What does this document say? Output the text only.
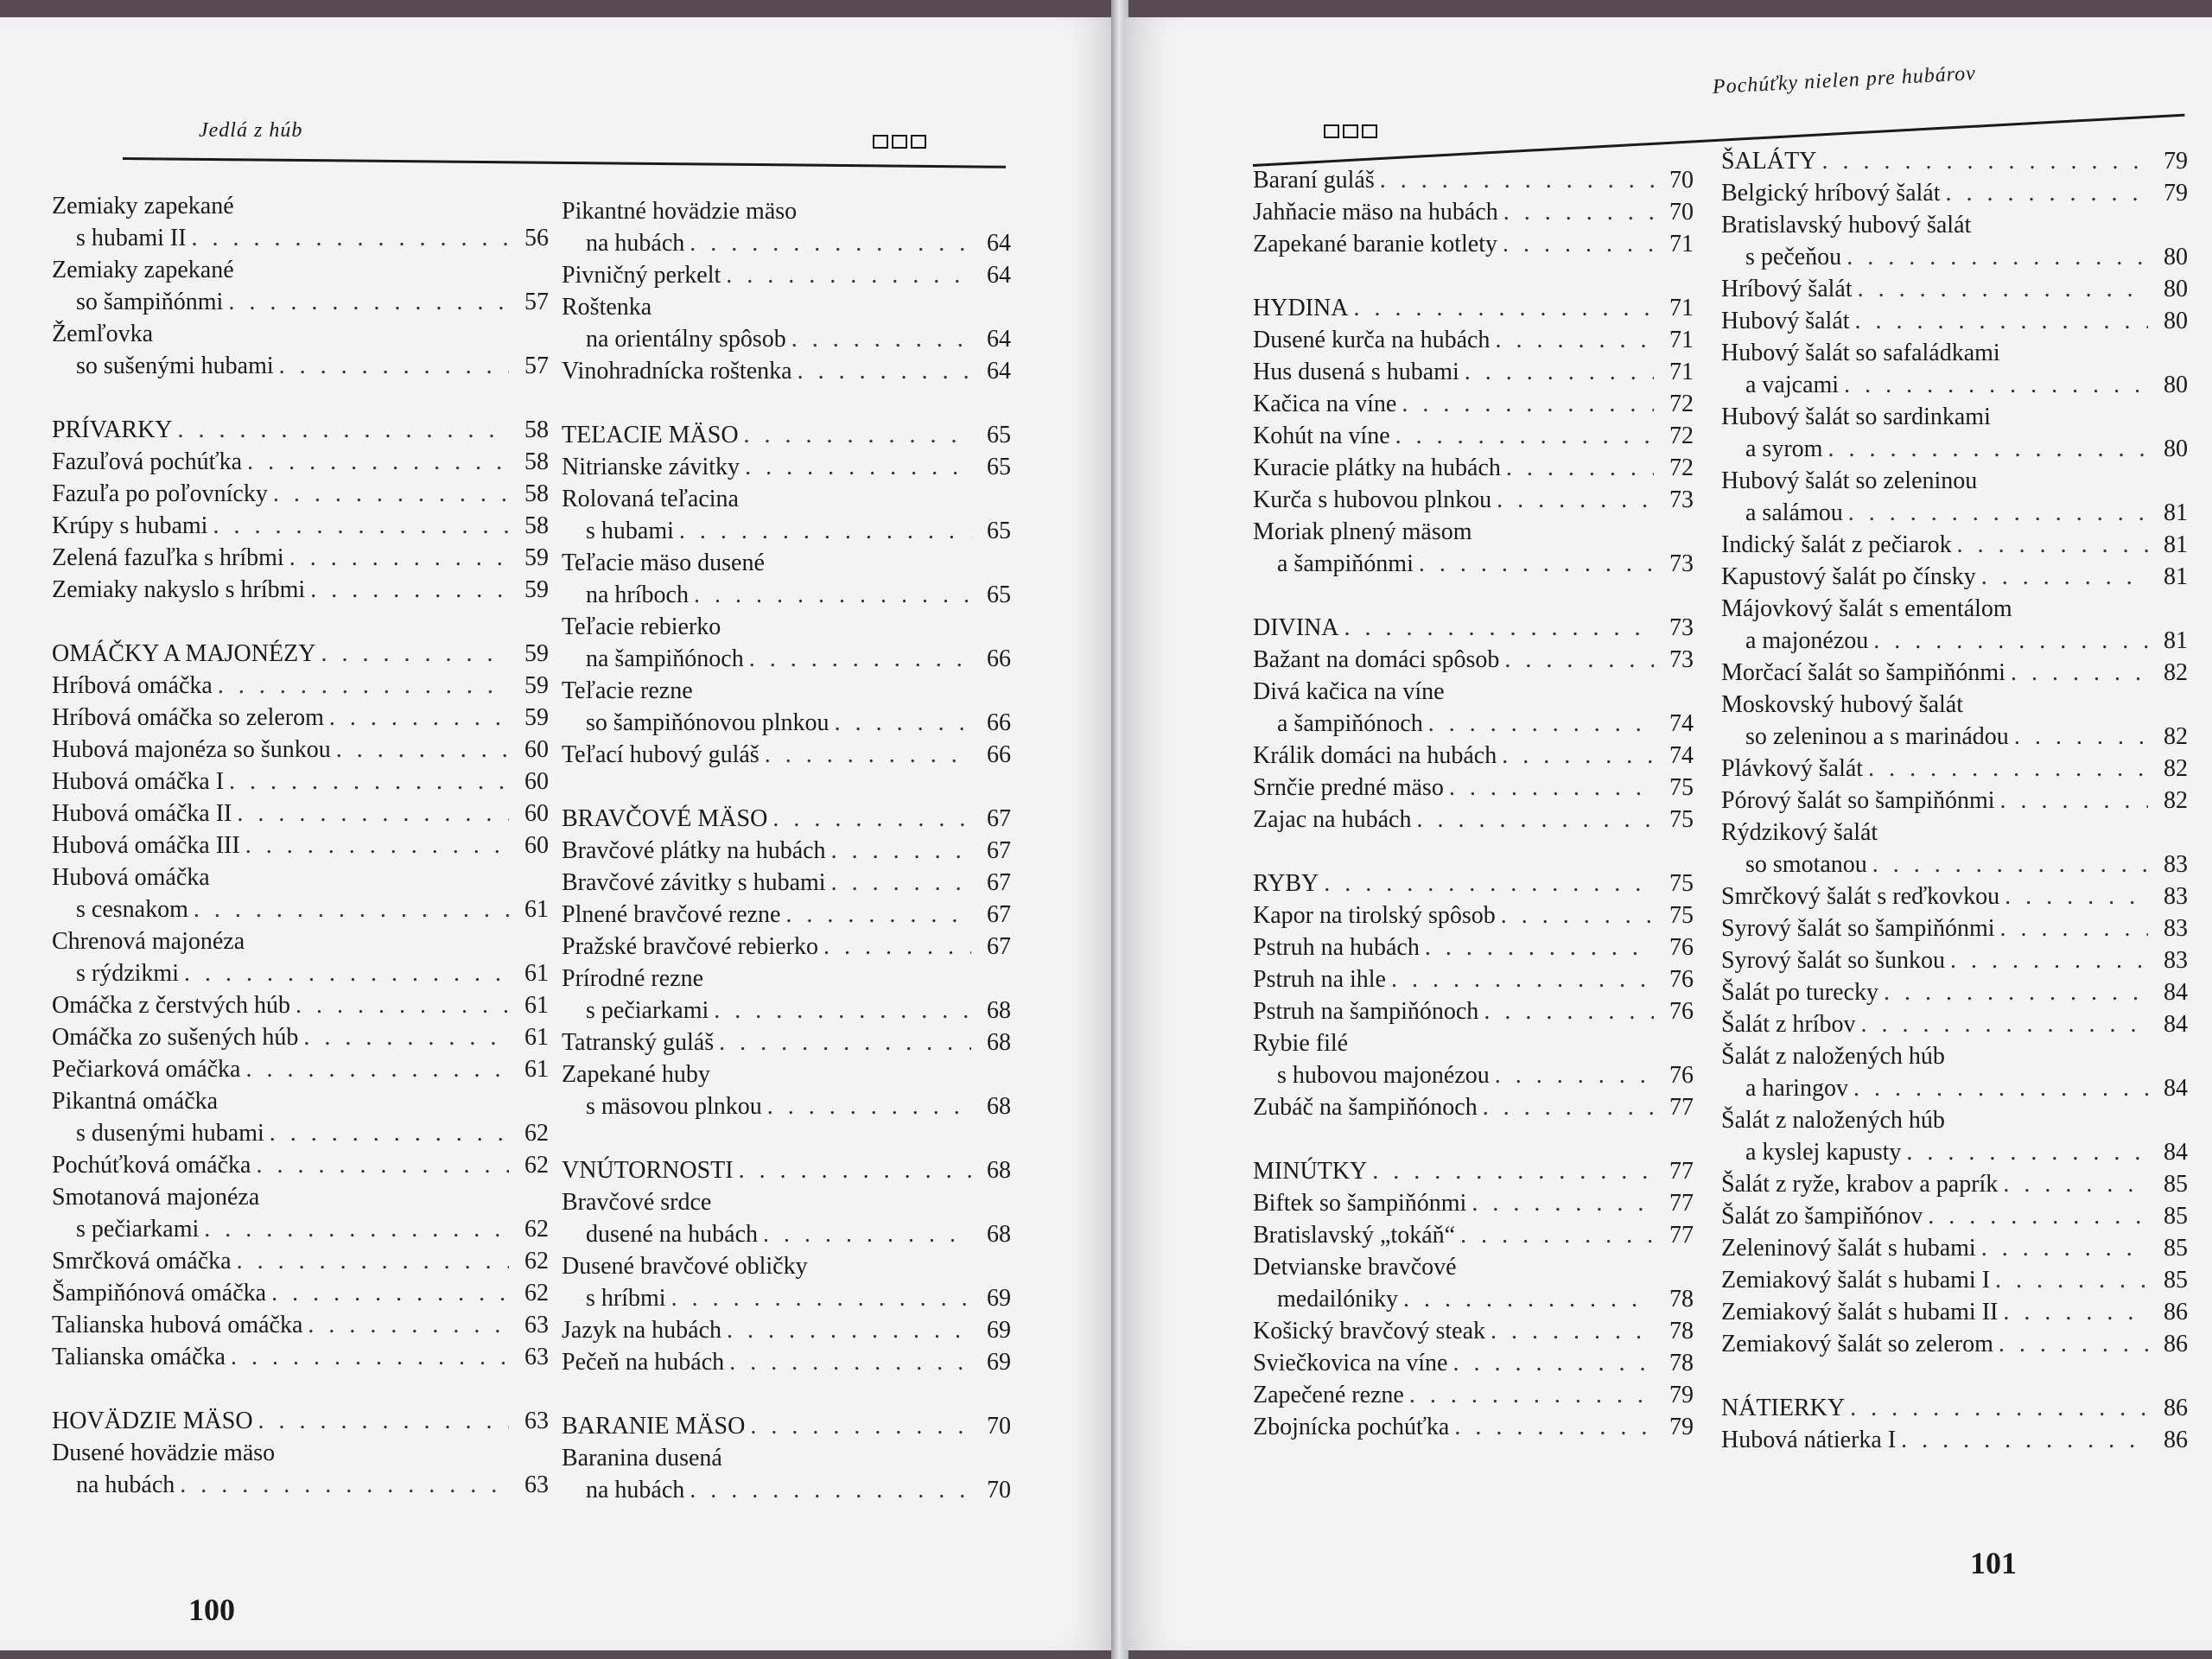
Jedlá z húb
Zemiaky zapekané
s hubami II . . .	56
Zemiaky zapekané
so šampiňónmi . . .	57
Žemľovka
so sušenými hubami . . .	57
PRÍVARKY . . .	58
Fazuľová pochúťka . . .	58
Fazuľa po poľovnícky . . .	58
Krúpy s hubami . . .	58
Zelená fazuľka s hríbmi . . .	59
Zemiaky nakyslo s hríbmi . . .	59
OMÁČKY A MAJONÉZY . . .	59
Hríbová omáčka . . .	59
Hríbová omáčka so zelerom . . .	59
Hubová majonéza so šunkou . . .	60
Hubová omáčka I . . .	60
Hubová omáčka II . . .	60
Hubová omáčka III . . .	60
Hubová omáčka
s cesnakom . . .	61
Chrenová majonéza
s rýdzikmi . . .	61
Omáčka z čerstvých húb . . .	61
Omáčka zo sušených húb . . .	61
Pečiarková omáčka . . .	61
Pikantná omáčka
s dusenými hubami . . .	62
Pochúťková omáčka . . .	62
Smotanová majonéza
s pečiarkami . . .	62
Smrčková omáčka . . .	62
Šampiňónová omáčka . . .	62
Talianska hubová omáčka . . .	63
Talianska omáčka . . .	63
HOVÄDZIE MÄSO . . .	63
Dusené hovädzie mäso
na hubách . . .	63
Pikantné hovädzie mäso
na hubách . . .	64
Pivničný perkelt . . .	64
Roštenka
na orientálny spôsob . . .	64
Vinohradnícka roštenka . . .	64
TEĽACIE MÄSO . . .	65
Nitrianske závitky . . .	65
Rolovaná teľacina
s hubami . . .	65
Teľacie mäso dusené
na hríboch . . .	65
Teľacie rebierko
na šampiňónoch . . .	66
Teľacie rezne
so šampiňónovou plnkou . . .	66
Teľací hubový guláš . . .	66
BRAVČOVÉ MÄSO . . .	67
Bravčové plátky na hubách . . .	67
Bravčové závitky s hubami . . .	67
Plnené bravčové rezne . . .	67
Pražské bravčové rebierko . . .	67
Prírodné rezne
s pečiarkami . . .	68
Tatranský guláš . . .	68
Zapekané huby
s mäsovou plnkou . . .	68
VNÚTORNOSTI . . .	68
Bravčové srdce
dusené na hubách . . .	68
Dusené bravčové obličky
s hríbmi . . .	69
Jazyk na hubách . . .	69
Pečeň na hubách . . .	69
BARANIE MÄSO . . .	70
Baranina dusená
na hubách . . .	70
100
Pochúťky nielen pre hubárov
Baraní guláš . . .	70
Jahňacie mäso na hubách . . .	70
Zapekané baranie kotlety . . .	71
HYDINA . . .	71
Dusené kurča na hubách . . .	71
Hus dusená s hubami . . .	71
Kačica na víne . . .	72
Kohút na víne . . .	72
Kuracie plátky na hubách . . .	72
Kurča s hubovou plnkou . . .	73
Moriak plnený mäsom
a šampiňónmi . . .	73
DIVINA . . .	73
Bažant na domáci spôsob . . .	73
Divá kačica na víne
a šampiňónoch . . .	74
Králik domáci na hubách . . .	74
Srnčie predné mäso . . .	75
Zajac na hubách . . .	75
RYBY . . .	75
Kapor na tirolský spôsob . . .	75
Pstruh na hubách . . .	76
Pstruh na ihle . . .	76
Pstruh na šampiňónoch . . .	76
Rybie filé
s hubovou majonézou . . .	76
Zubáč na šampiňónoch . . .	77
MINÚTKY . . .	77
Biftek so šampiňónmi . . .	77
Bratislavský „tokáň“ . . .	77
Detvianske bravčové
medailóniky . . .	78
Košický bravčový steak . . .	78
Sviečkovica na víne . . .	78
Zapečené rezne . . .	79
Zbojnícka pochúťka . . .	79
ŠALÁTY . . .	79
Belgický hríbový šalát . . .	79
Bratislavský hubový šalát
s pečeňou . . .	80
Hríbový šalát . . .	80
Hubový šalát . . .	80
Hubový šalát so safaládkami
a vajcami . . .	80
Hubový šalát so sardinkami
a syrom . . .	80
Hubový šalát so zeleninou
a salámou . . .	81
Indický šalát z pečiarok . . .	81
Kapustový šalát po čínsky . . .	81
Májovkový šalát s ementálom
a majonézou . . .	81
Morčací šalát so šampiňónmi . . .	82
Moskovský hubový šalát
so zeleninou a s marinádou . . .	82
Plávkový šalát . . .	82
Pórový šalát so šampiňónmi . . .	82
Rýdzikový šalát
so smotanou . . .	83
Smrčkový šalát s reďkovkou . . .	83
Syrový šalát so šampiňónmi . . .	83
Syrový šalát so šunkou . . .	83
Šalát po turecky . . .	84
Šalát z hríbov . . .	84
Šalát z naložených húb
a haringov . . .	84
Šalát z naložených húb
a kyslej kapusty . . .	84
Šalát z ryže, krabov a paprík . . .	85
Šalát zo šampiňónov . . .	85
Zeleninový šalát s hubami . . .	85
Zemiakový šalát s hubami I . . .	85
Zemiakový šalát s hubami II . . .	86
Zemiakový šalát so zelerom . . .	86
NÁTIERKY . . .	86
Hubová nátierka I . . .	86
101
